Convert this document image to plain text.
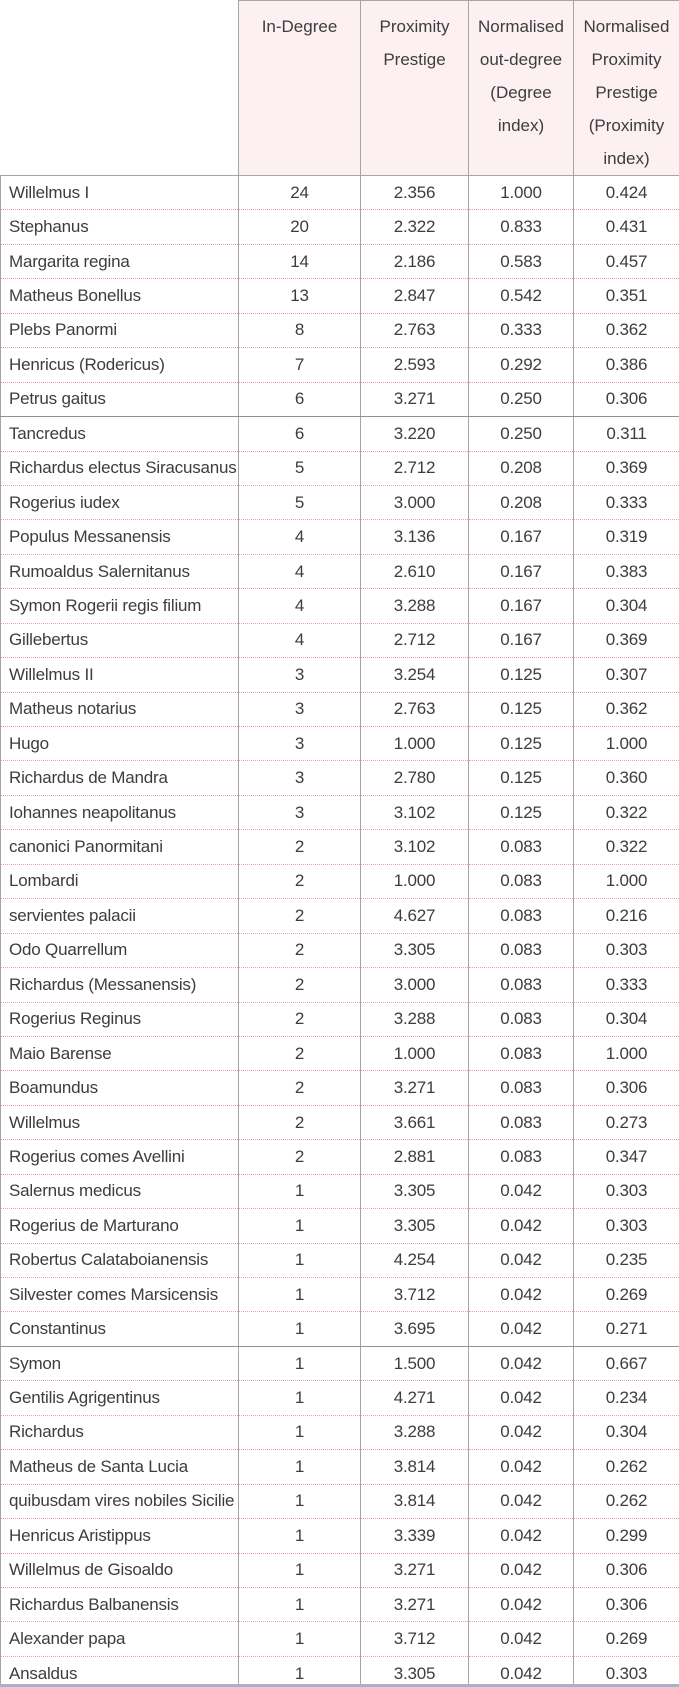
	In-Degree	Proximity Prestige	Normalised out-degree (Degree index)	Normalised Proximity Prestige (Proximity index)
Willelmus I	24	2.356	1.000	0.424
Stephanus	20	2.322	0.833	0.431
Margarita regina	14	2.186	0.583	0.457
Matheus Bonellus	13	2.847	0.542	0.351
Plebs Panormi	8	2.763	0.333	0.362
Henricus (Rodericus)	7	2.593	0.292	0.386
Petrus gaitus	6	3.271	0.250	0.306
Tancredus	6	3.220	0.250	0.311
Richardus electus Siracusanus	5	2.712	0.208	0.369
Rogerius iudex	5	3.000	0.208	0.333
Populus Messanensis	4	3.136	0.167	0.319
Rumoaldus Salernitanus	4	2.610	0.167	0.383
Symon Rogerii regis filium	4	3.288	0.167	0.304
Gillebertus	4	2.712	0.167	0.369
Willelmus II	3	3.254	0.125	0.307
Matheus notarius	3	2.763	0.125	0.362
Hugo	3	1.000	0.125	1.000
Richardus de Mandra	3	2.780	0.125	0.360
Iohannes neapolitanus	3	3.102	0.125	0.322
canonici Panormitani	2	3.102	0.083	0.322
Lombardi	2	1.000	0.083	1.000
servientes palacii	2	4.627	0.083	0.216
Odo Quarrellum	2	3.305	0.083	0.303
Richardus (Messanensis)	2	3.000	0.083	0.333
Rogerius Reginus	2	3.288	0.083	0.304
Maio Barense	2	1.000	0.083	1.000
Boamundus	2	3.271	0.083	0.306
Willelmus	2	3.661	0.083	0.273
Rogerius comes Avellini	2	2.881	0.083	0.347
Salernus medicus	1	3.305	0.042	0.303
Rogerius de Marturano	1	3.305	0.042	0.303
Robertus Calataboianensis	1	4.254	0.042	0.235
Silvester comes Marsicensis	1	3.712	0.042	0.269
Constantinus	1	3.695	0.042	0.271
Symon	1	1.500	0.042	0.667
Gentilis Agrigentinus	1	4.271	0.042	0.234
Richardus	1	3.288	0.042	0.304
Matheus de Santa Lucia	1	3.814	0.042	0.262
quibusdam vires nobiles Sicilie	1	3.814	0.042	0.262
Henricus Aristippus	1	3.339	0.042	0.299
Willelmus de Gisoaldo	1	3.271	0.042	0.306
Richardus Balbanensis	1	3.271	0.042	0.306
Alexander papa	1	3.712	0.042	0.269
Ansaldus	1	3.305	0.042	0.303
